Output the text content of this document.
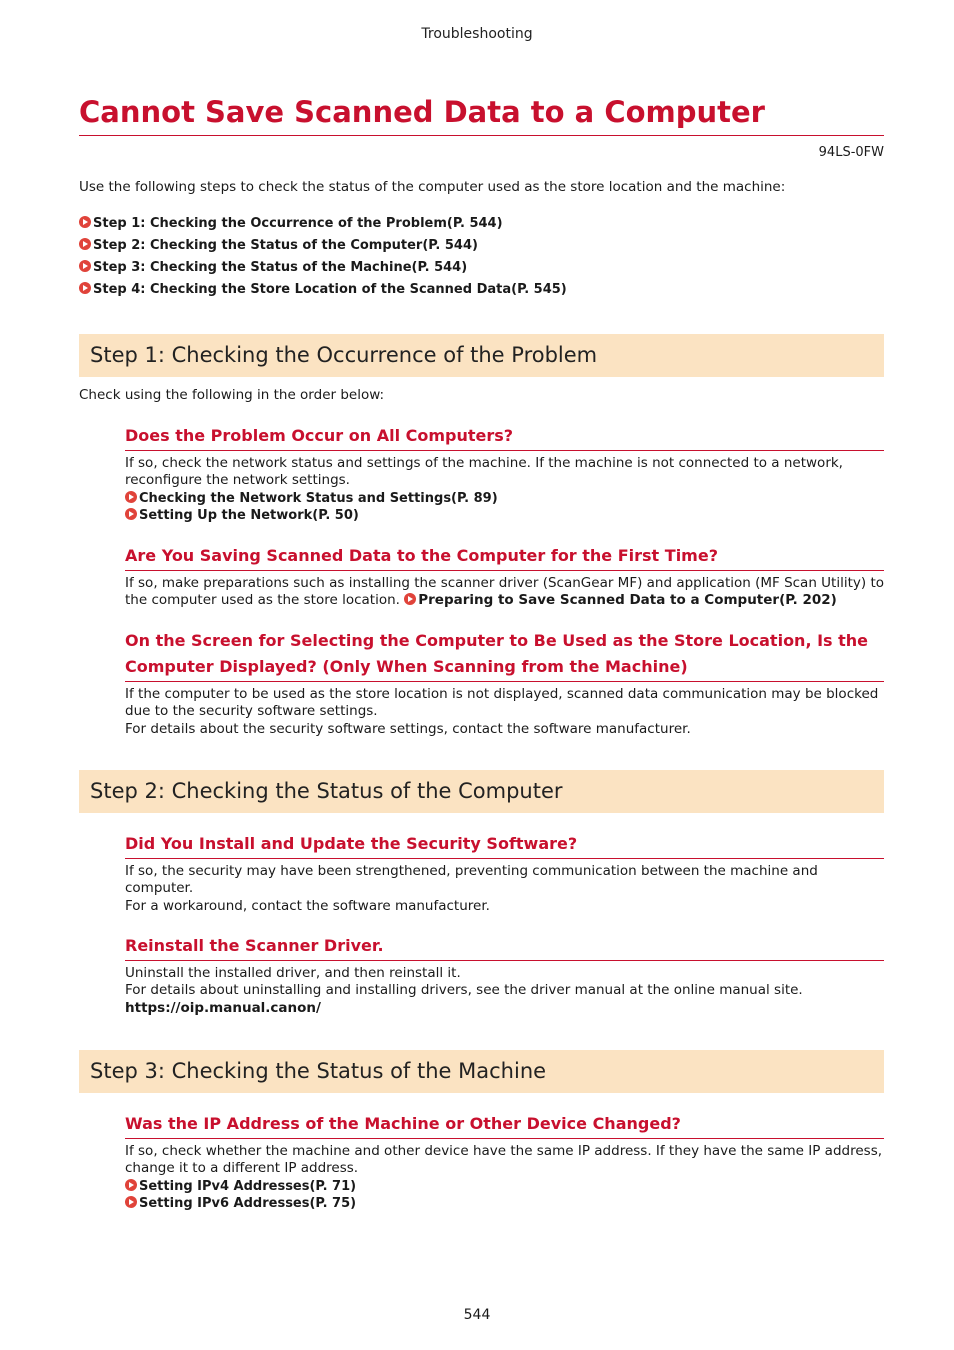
Troubleshooting
Cannot Save Scanned Data to a Computer
94LS-0FW

Use the following steps to check the status of the computer used as the store location and the machine:

Step 1: Checking the Occurrence of the Problem(P. 544)
Step 2: Checking the Status of the Computer(P. 544)
Step 3: Checking the Status of the Machine(P. 544)
Step 4: Checking the Store Location of the Scanned Data(P. 545)
Step 1: Checking the Occurrence of the Problem

Check using the following in the order below:

Does the Problem Occur on All Computers?
If so, check the network status and settings of the machine. If the machine is not connected to a network,
reconfigure the network settings.
Checking the Network Status and Settings(P. 89)
Setting Up the Network(P. 50)
Are You Saving Scanned Data to the Computer for the First Time?
If so, make preparations such as installing the scanner driver (ScanGear MF) and application (MF Scan Utility) to
the computer used as the store location. Preparing to Save Scanned Data to a Computer(P. 202)
On the Screen for Selecting the Computer to Be Used as the Store Location, Is the
Computer Displayed? (Only When Scanning from the Machine)
If the computer to be used as the store location is not displayed, scanned data communication may be blocked
due to the security software settings.
For details about the security software settings, contact the software manufacturer.
Step 2: Checking the Status of the Computer
Did You Install and Update the Security Software?
If so, the security may have been strengthened, preventing communication between the machine and
computer.
For a workaround, contact the software manufacturer.
Reinstall the Scanner Driver.
Uninstall the installed driver, and then reinstall it.
For details about uninstalling and installing drivers, see the driver manual at the online manual site.
https://oip.manual.canon/
Step 3: Checking the Status of the Machine
Was the IP Address of the Machine or Other Device Changed?
If so, check whether the machine and other device have the same IP address. If they have the same IP address,
change it to a different IP address.
Setting IPv4 Addresses(P. 71)
Setting IPv6 Addresses(P. 75)
544
